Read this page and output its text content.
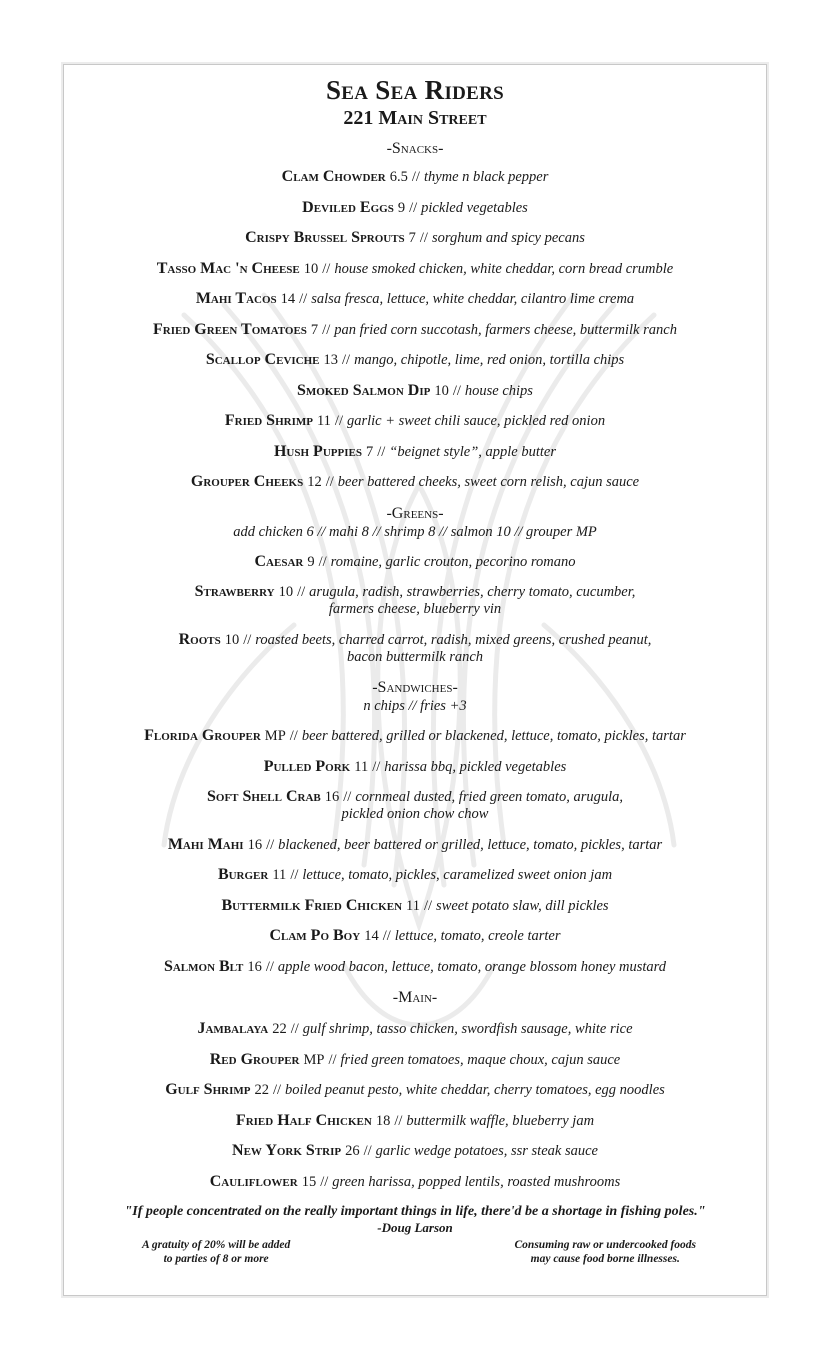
Sea Sea Riders
221 Main Street
-Snacks-
Clam Chowder 6.5 // thyme n black pepper
Deviled Eggs 9 // pickled vegetables
Crispy Brussel Sprouts 7 // sorghum and spicy pecans
Tasso Mac 'n Cheese 10 // house smoked chicken, white cheddar, corn bread crumble
Mahi Tacos 14 // salsa fresca, lettuce, white cheddar, cilantro lime crema
Fried Green Tomatoes 7 // pan fried corn succotash, farmers cheese, buttermilk ranch
Scallop Ceviche 13 // mango, chipotle, lime, red onion, tortilla chips
Smoked Salmon Dip 10 // house chips
Fried Shrimp 11 // garlic + sweet chili sauce, pickled red onion
Hush Puppies 7 // “beignet style”, apple butter
Grouper Cheeks 12 // beer battered cheeks, sweet corn relish, cajun sauce
-Greens-
add chicken 6 // mahi 8 // shrimp 8 // salmon 10 // grouper MP
Caesar 9 // romaine, garlic crouton, pecorino romano
Strawberry 10 // arugula, radish, strawberries, cherry tomato, cucumber,
farmers cheese, blueberry vin
Roots 10 // roasted beets, charred carrot, radish, mixed greens, crushed peanut,
bacon buttermilk ranch
-Sandwiches-
n chips // fries +3
Florida Grouper MP // beer battered, grilled or blackened, lettuce, tomato, pickles, tartar
Pulled Pork 11 // harissa bbq, pickled vegetables
Soft Shell Crab 16 // cornmeal dusted, fried green tomato, arugula,
pickled onion chow chow
Mahi Mahi 16 // blackened, beer battered or grilled, lettuce, tomato, pickles, tartar
Burger 11 // lettuce, tomato, pickles, caramelized sweet onion jam
Buttermilk Fried Chicken 11 // sweet potato slaw, dill pickles
Clam Po Boy 14 // lettuce, tomato, creole tarter
Salmon Blt 16 // apple wood bacon, lettuce, tomato, orange blossom honey mustard
-Main-
Jambalaya 22 // gulf shrimp, tasso chicken, swordfish sausage, white rice
Red Grouper MP // fried green tomatoes, maque choux, cajun sauce
Gulf Shrimp 22 // boiled peanut pesto, white cheddar, cherry tomatoes, egg noodles
Fried Half Chicken 18 // buttermilk waffle, blueberry jam
New York Strip 26 // garlic wedge potatoes, ssr steak sauce
Cauliflower 15 // green harissa, popped lentils, roasted mushrooms
"If people concentrated on the really important things in life, there'd be a shortage in fishing poles."
-Doug Larson
A gratuity of 20% will be added
to parties of 8 or more
Consuming raw or undercooked foods
may cause food borne illnesses.
